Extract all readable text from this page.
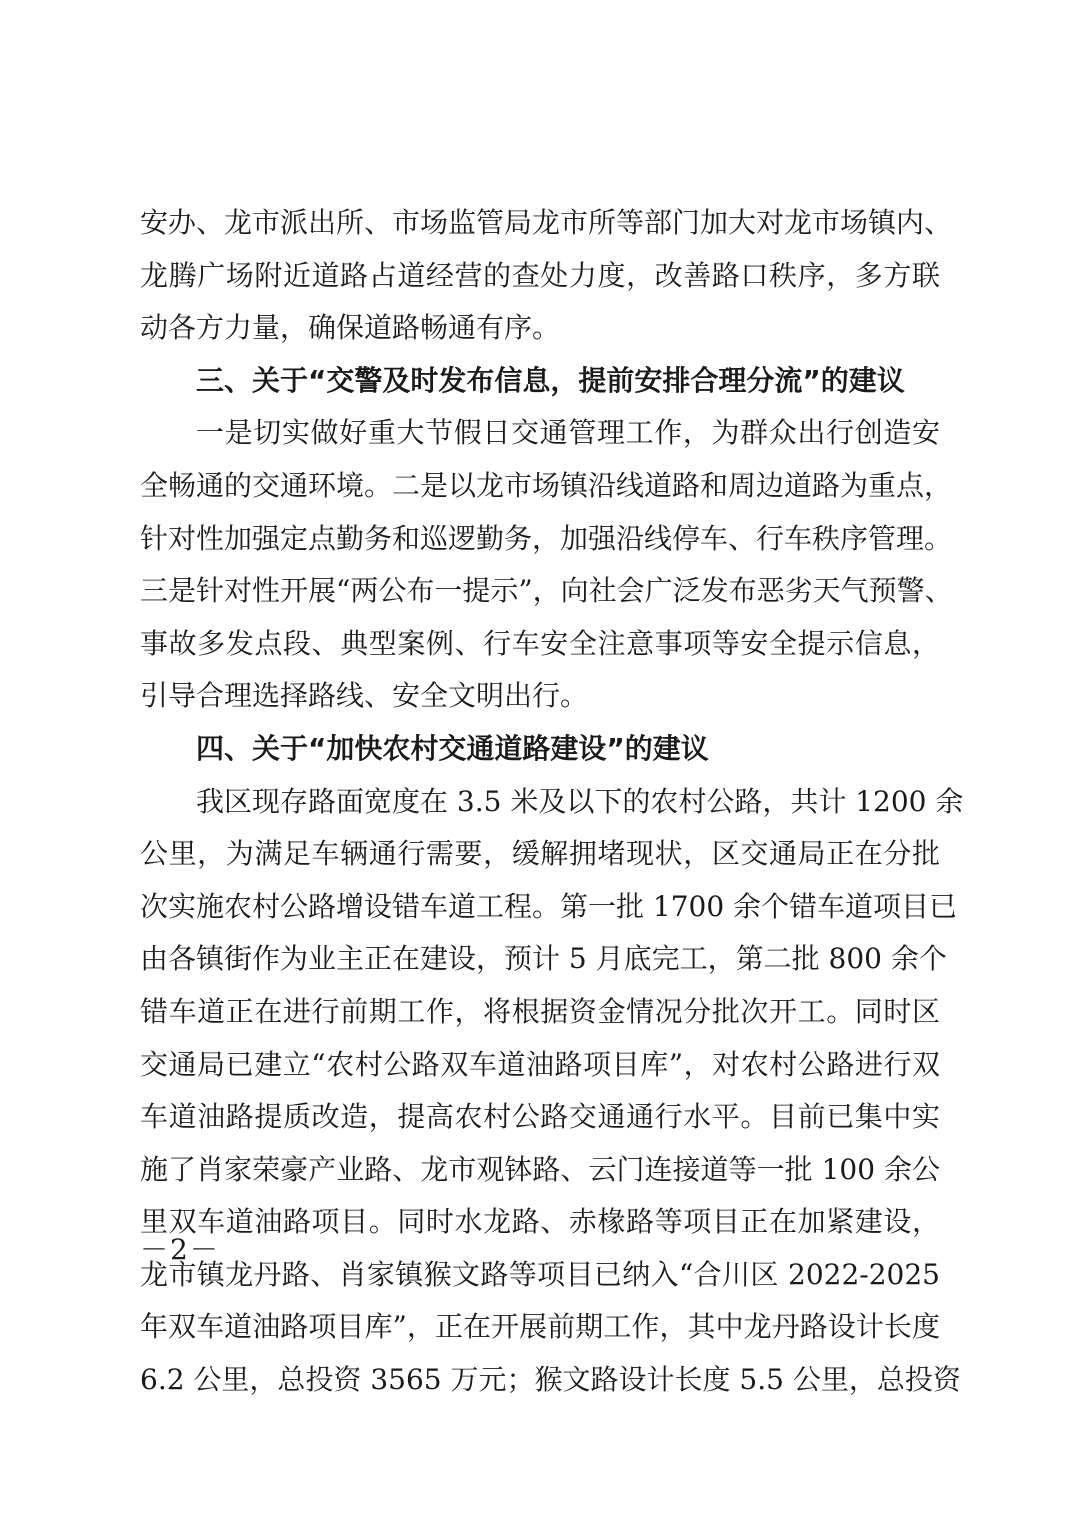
安办、龙市派出所、市场监管局龙市所等部门加大对龙市场镇内、
龙腾广场附近道路占道经营的查处力度，改善路口秩序，多方联
动各方力量，确保道路畅通有序。
三、关于“交警及时发布信息，提前安排合理分流”的建议
一是切实做好重大节假日交通管理工作，为群众出行创造安
全畅通的交通环境。二是以龙市场镇沿线道路和周边道路为重点，
针对性加强定点勤务和巡逻勤务，加强沿线停车、行车秩序管理。
三是针对性开展“两公布一提示”，向社会广泛发布恶劣天气预警、
事故多发点段、典型案例、行车安全注意事项等安全提示信息，
引导合理选择路线、安全文明出行。
四、关于“加快农村交通道路建设”的建议
我区现存路面宽度在 3.5 米及以下的农村公路，共计 1200 余
公里，为满足车辆通行需要，缓解拥堵现状，区交通局正在分批
次实施农村公路增设错车道工程。第一批 1700 余个错车道项目已
由各镇街作为业主正在建设，预计 5 月底完工，第二批 800 余个
错车道正在进行前期工作，将根据资金情况分批次开工。同时区
交通局已建立“农村公路双车道油路项目库”，对农村公路进行双
车道油路提质改造，提高农村公路交通通行水平。目前已集中实
施了肖家荣豪产业路、龙市观钵路、云门连接道等一批 100 余公
里双车道油路项目。同时水龙路、赤椽路等项目正在加紧建设，
龙市镇龙丹路、肖家镇猴文路等项目已纳入“合川区 2022-2025
年双车道油路项目库”，正在开展前期工作，其中龙丹路设计长度
6.2 公里，总投资 3565 万元；猴文路设计长度 5.5 公里，总投资
－2－
